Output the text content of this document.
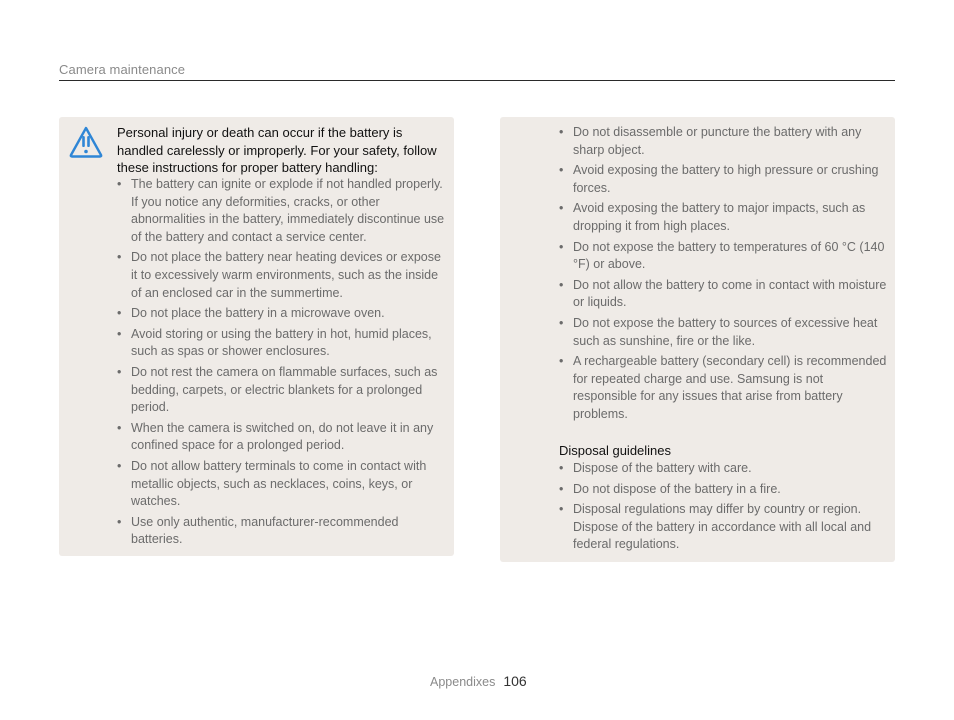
Camera maintenance
Personal injury or death can occur if the battery is handled carelessly or improperly. For your safety, follow these instructions for proper battery handling:
• The battery can ignite or explode if not handled properly. If you notice any deformities, cracks, or other abnormalities in the battery, immediately discontinue use of the battery and contact a service center.
• Do not place the battery near heating devices or expose it to excessively warm environments, such as the inside of an enclosed car in the summertime.
• Do not place the battery in a microwave oven.
• Avoid storing or using the battery in hot, humid places, such as spas or shower enclosures.
• Do not rest the camera on flammable surfaces, such as bedding, carpets, or electric blankets for a prolonged period.
• When the camera is switched on, do not leave it in any confined space for a prolonged period.
• Do not allow battery terminals to come in contact with metallic objects, such as necklaces, coins, keys, or watches.
• Use only authentic, manufacturer-recommended batteries.
• Do not disassemble or puncture the battery with any sharp object.
• Avoid exposing the battery to high pressure or crushing forces.
• Avoid exposing the battery to major impacts, such as dropping it from high places.
• Do not expose the battery to temperatures of 60 °C (140 °F) or above.
• Do not allow the battery to come in contact with moisture or liquids.
• Do not expose the battery to sources of excessive heat such as sunshine, fire or the like.
• A rechargeable battery (secondary cell) is recommended for repeated charge and use. Samsung is not responsible for any issues that arise from battery problems.
Disposal guidelines
• Dispose of the battery with care.
• Do not dispose of the battery in a fire.
• Disposal regulations may differ by country or region. Dispose of the battery in accordance with all local and federal regulations.
Appendixes 106
